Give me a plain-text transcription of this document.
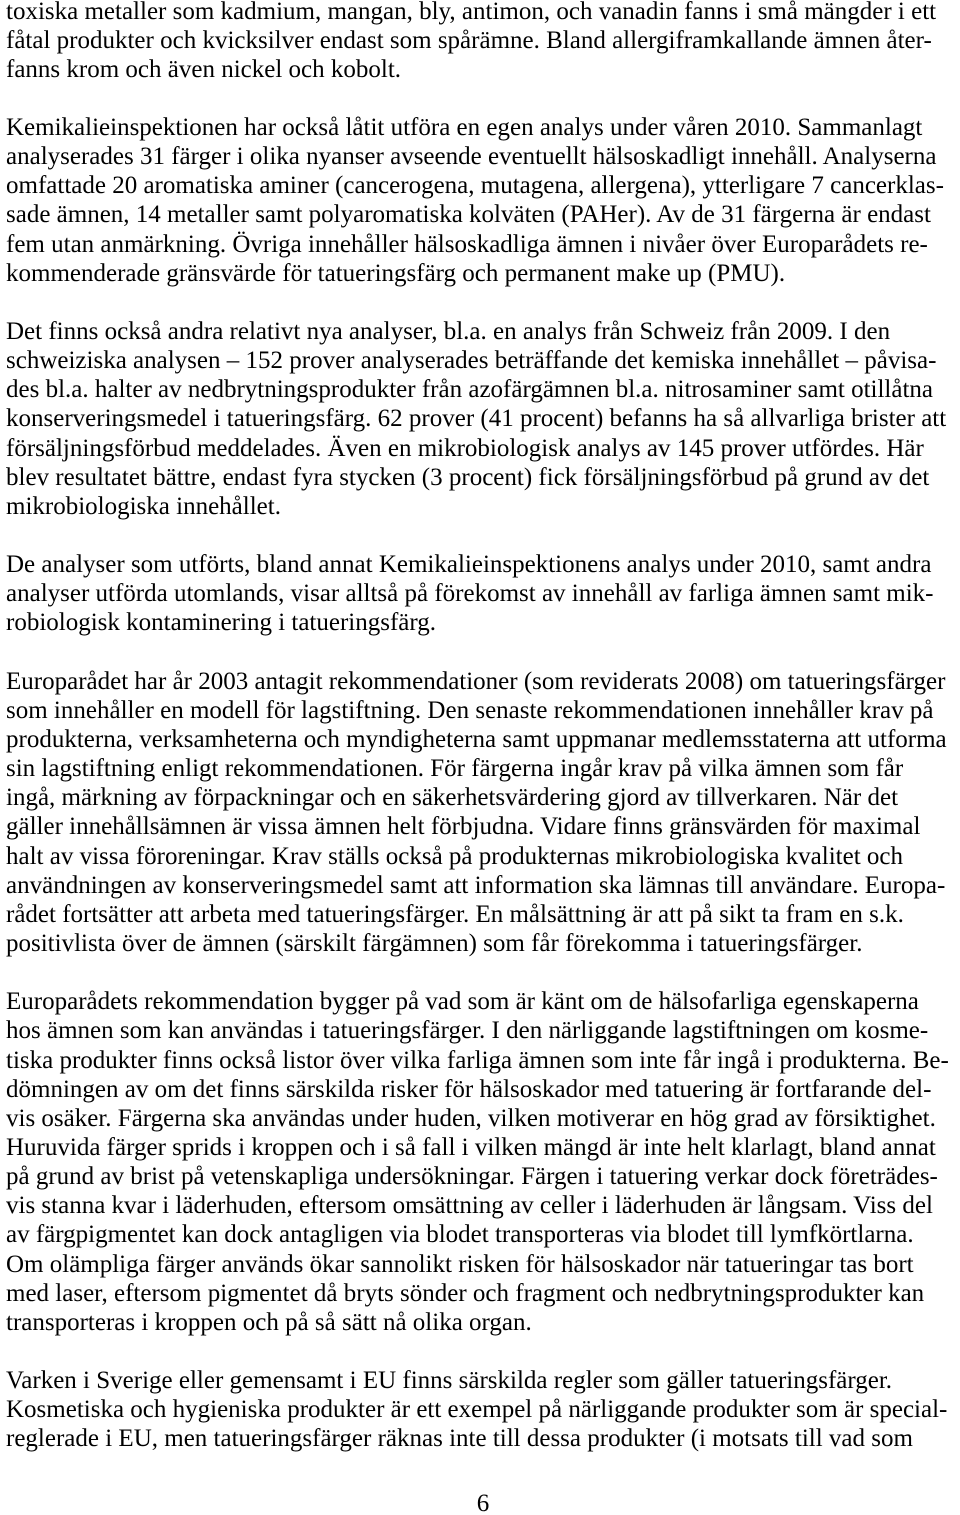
toxiska metaller som kadmium, mangan, bly, antimon, och vanadin fanns i små mängder i ett
fåtal produkter och kvicksilver endast som spårämne. Bland allergiframkallande ämnen åter-
fanns krom och även nickel och kobolt.
Kemikalieinspektionen har också låtit utföra en egen analys under våren 2010. Sammanlagt
analyserades 31 färger i olika nyanser avseende eventuellt hälsoskadligt innehåll. Analyserna
omfattade 20 aromatiska aminer (cancerogena, mutagena, allergena), ytterligare 7 cancerklas-
sade ämnen, 14 metaller samt polyaromatiska kolväten (PAHer). Av de 31 färgerna är endast
fem utan anmärkning. Övriga innehåller hälsoskadliga ämnen i nivåer över Europarådets re-
kommenderade gränsvärde för tatueringsfärg och permanent make up (PMU).
Det finns också andra relativt nya analyser, bl.a. en analys från Schweiz från 2009. I den
schweiziska analysen – 152 prover analyserades beträffande det kemiska innehållet – påvisa-
des bl.a. halter av nedbrytningsprodukter från azofärgämnen bl.a. nitrosaminer samt otillåtna
konserveringsmedel i tatueringsfärg. 62 prover (41 procent) befanns ha så allvarliga brister att
försäljningsförbud meddelades. Även en mikrobiologisk analys av 145 prover utfördes. Här
blev resultatet bättre, endast fyra stycken (3 procent) fick försäljningsförbud på grund av det
mikrobiologiska innehållet.
De analyser som utförts, bland annat Kemikalieinspektionens analys under 2010, samt andra
analyser utförda utomlands, visar alltså på förekomst av innehåll av farliga ämnen samt mik-
robiologisk kontaminering i tatueringsfärg.
Europarådet har år 2003 antagit rekommendationer (som reviderats 2008) om tatueringsfärger
som innehåller en modell för lagstiftning. Den senaste rekommendationen innehåller krav på
produkterna, verksamheterna och myndigheterna samt uppmanar medlemsstaterna att utforma
sin lagstiftning enligt rekommendationen. För färgerna ingår krav på vilka ämnen som får
ingå, märkning av förpackningar och en säkerhetsvärdering gjord av tillverkaren. När det
gäller innehållsämnen är vissa ämnen helt förbjudna. Vidare finns gränsvärden för maximal
halt av vissa föroreningar. Krav ställs också på produkternas mikrobiologiska kvalitet och
användningen av konserveringsmedel samt att information ska lämnas till användare. Europa-
rådet fortsätter att arbeta med tatueringsfärger. En målsättning är att på sikt ta fram en s.k.
positivlista över de ämnen (särskilt färgämnen) som får förekomma i tatueringsfärger.
Europarådets rekommendation bygger på vad som är känt om de hälsofarliga egenskaperna
hos ämnen som kan användas i tatueringsfärger. I den närliggande lagstiftningen om kosme-
tiska produkter finns också listor över vilka farliga ämnen som inte får ingå i produkterna. Be-
dömningen av om det finns särskilda risker för hälsoskador med tatuering är fortfarande del-
vis osäker. Färgerna ska användas under huden, vilken motiverar en hög grad av försiktighet.
Huruvida färger sprids i kroppen och i så fall i vilken mängd är inte helt klarlagt, bland annat
på grund av brist på vetenskapliga undersökningar. Färgen i tatuering verkar dock företrädes-
vis stanna kvar i läderhuden, eftersom omsättning av celler i läderhuden är långsam. Viss del
av färgpigmentet kan dock antagligen via blodet transporteras via blodet till lymfkörtlarna.
Om olämpliga färger används ökar sannolikt risken för hälsoskador när tatueringar tas bort
med laser, eftersom pigmentet då bryts sönder och fragment och nedbrytningsprodukter kan
transporteras i kroppen och på så sätt nå olika organ.
Varken i Sverige eller gemensamt i EU finns särskilda regler som gäller tatueringsfärger.
Kosmetiska och hygieniska produkter är ett exempel på närliggande produkter som är special-
reglerade i EU, men tatueringsfärger räknas inte till dessa produkter (i motsats till vad som
6
